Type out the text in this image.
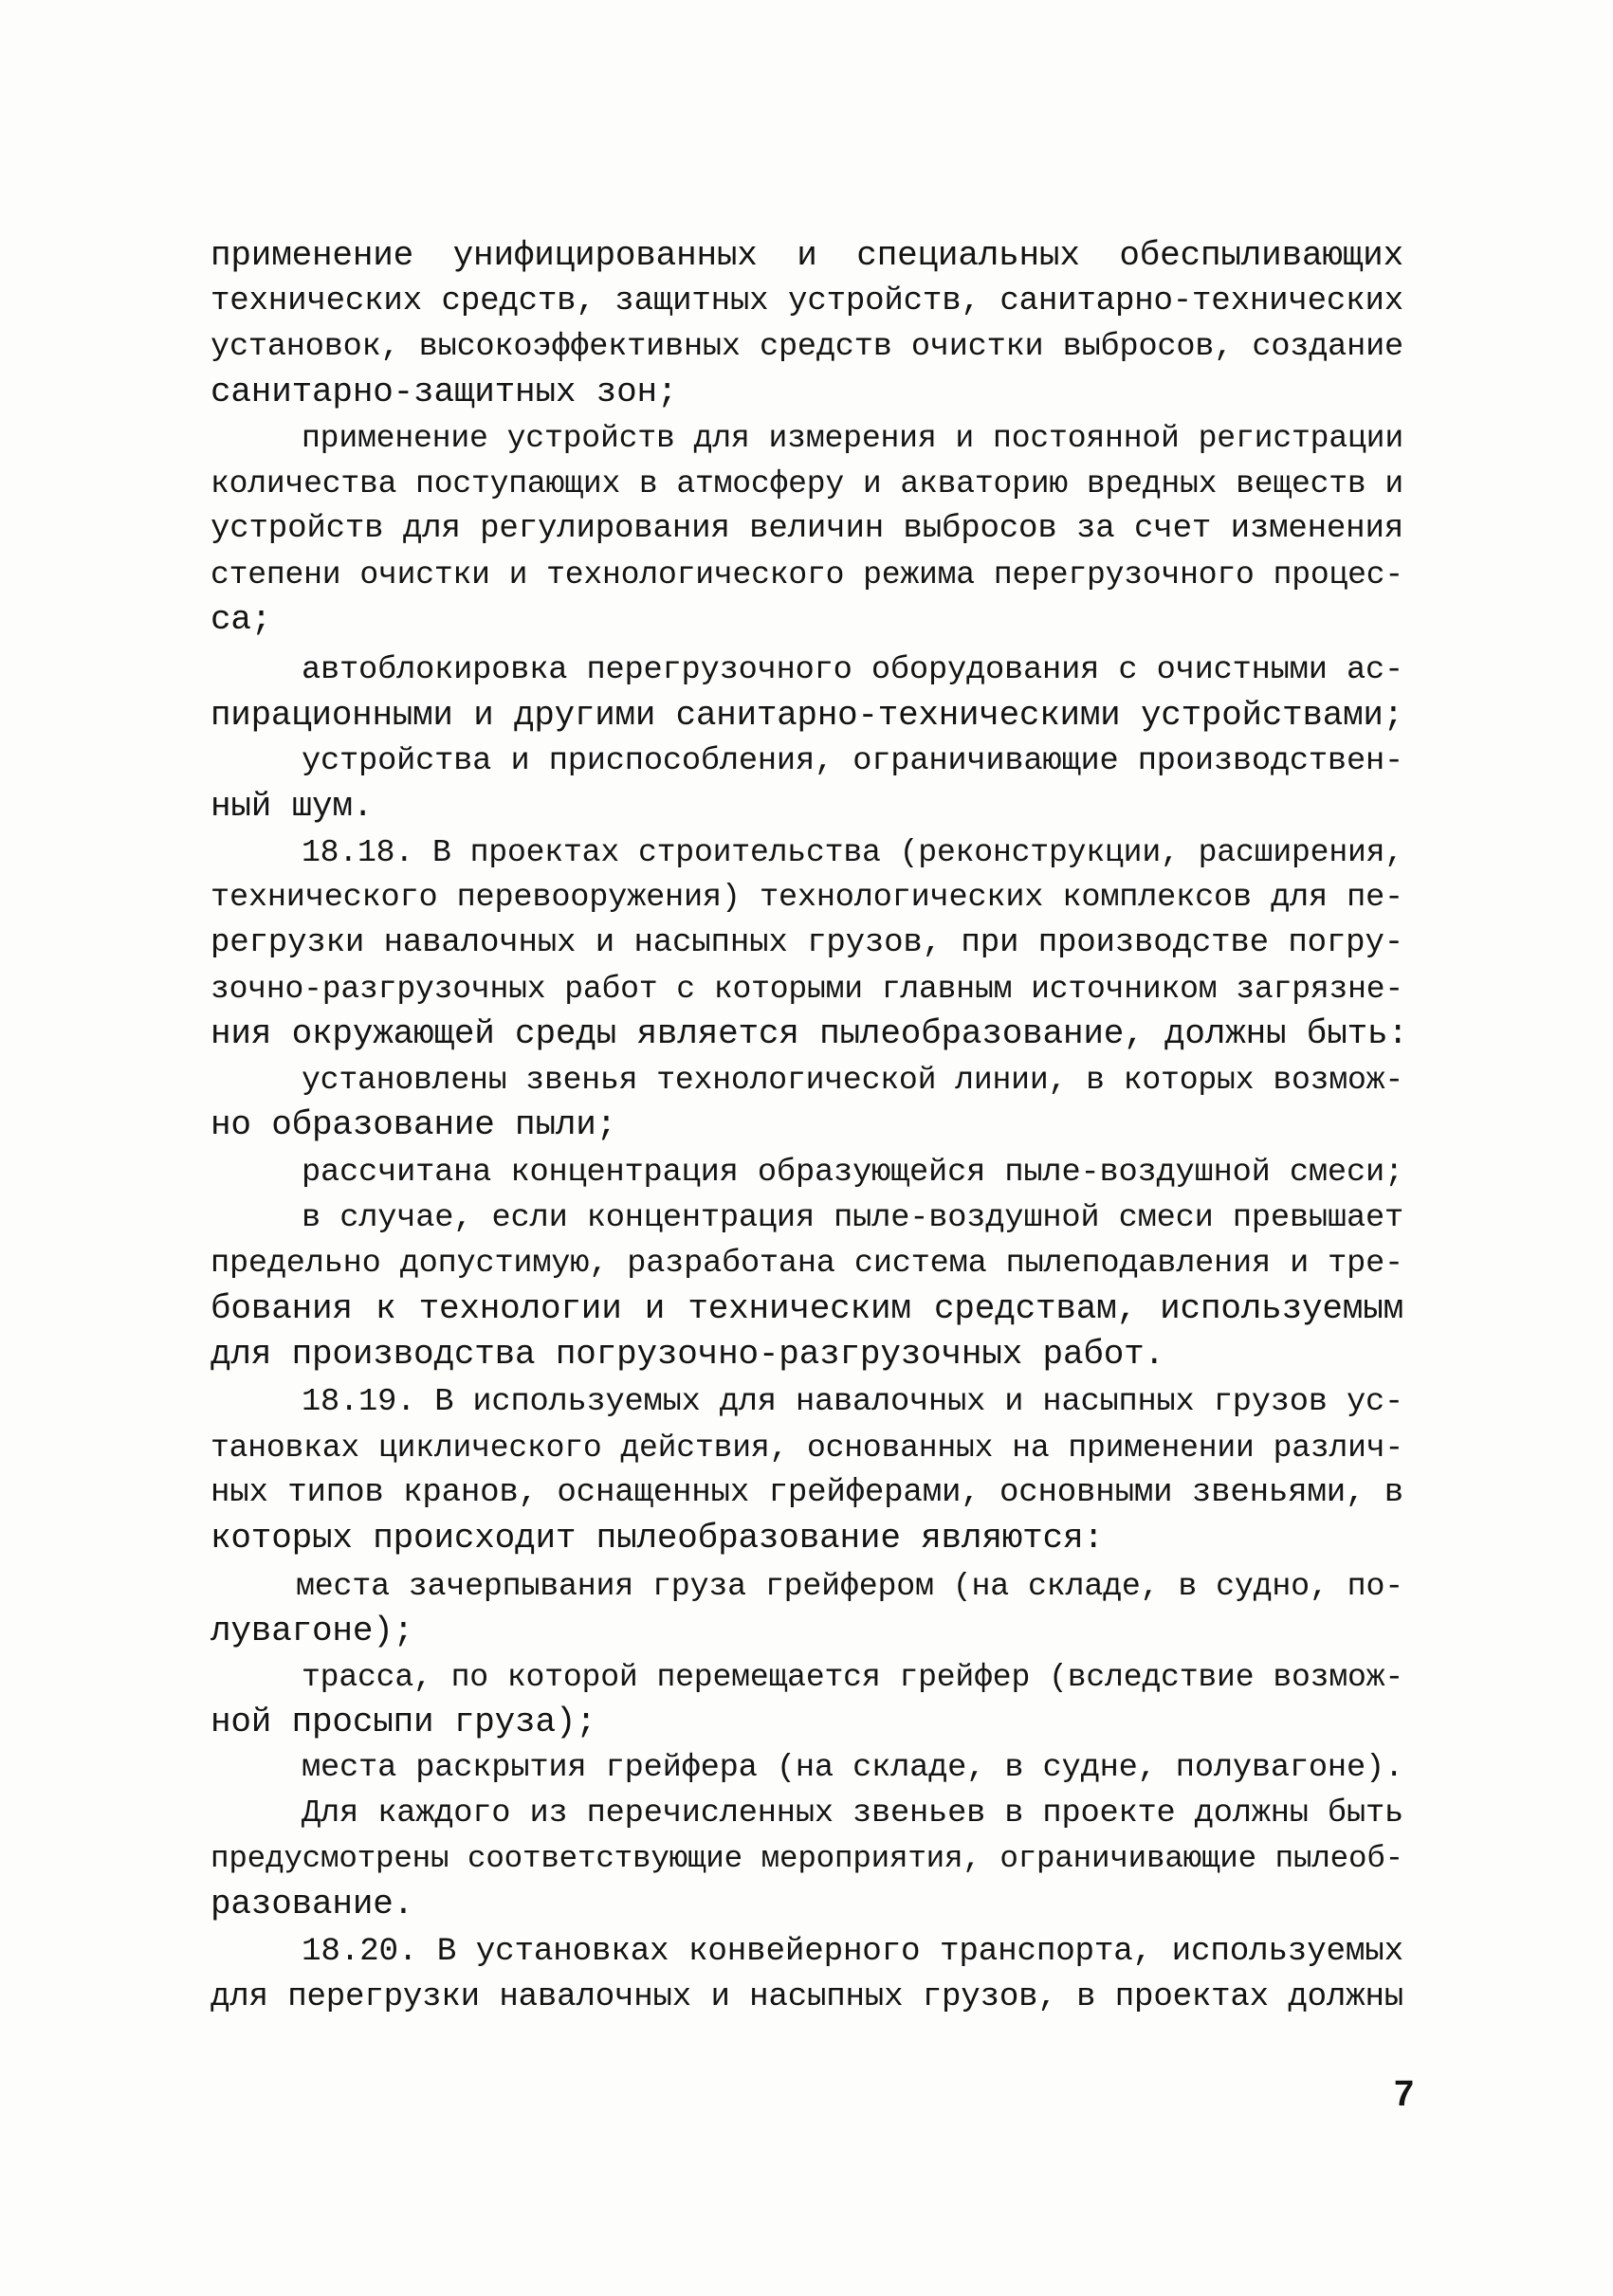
применение унифицированных и специальных обеспыливающих
технических средств, защитных устройств, санитарно-технических
установок, высокоэффективных средств очистки выбросов, создание
санитарно-защитных зон;
применение устройств для измерения и постоянной регистрации
количества поступающих в атмосферу и акваторию вредных веществ и
устройств для регулирования величин выбросов за счет изменения
степени очистки и технологического режима перегрузочного процес-
са;
автоблокировка перегрузочного оборудования с очистными ас-
пирационными и другими санитарно-техническими устройствами;
устройства и приспособления, ограничивающие производствен-
ный шум.
18.18. В проектах строительства (реконструкции, расширения,
технического перевооружения) технологических комплексов для пе-
регрузки навалочных и насыпных грузов, при производстве погру-
зочно-разгрузочных работ с которыми главным источником загрязне-
ния окружающей среды является пылеобразование, должны быть:
установлены звенья технологической линии, в которых возмож-
но образование пыли;
рассчитана концентрация образующейся пыле-воздушной смеси;
в случае, если концентрация пыле-воздушной смеси превышает
предельно допустимую, разработана система пылеподавления и тре-
бования к технологии и техническим средствам, используемым
для производства погрузочно-разгрузочных работ.
18.19. В используемых для навалочных и насыпных грузов ус-
тановках циклического действия, основанных на применении различ-
ных типов кранов, оснащенных грейферами, основными звеньями, в
которых происходит пылеобразование являются:
места зачерпывания груза грейфером (на складе, в судно, по-
лувагоне);
трасса, по которой перемещается грейфер (вследствие возмож-
ной просыпи груза);
места раскрытия грейфера (на складе, в судне, полувагоне).
Для каждого из перечисленных звеньев в проекте должны быть
предусмотрены соответствующие мероприятия, ограничивающие пылеоб-
разование.
18.20. В установках конвейерного транспорта, используемых
для перегрузки навалочных и насыпных грузов, в проектах должны
7
